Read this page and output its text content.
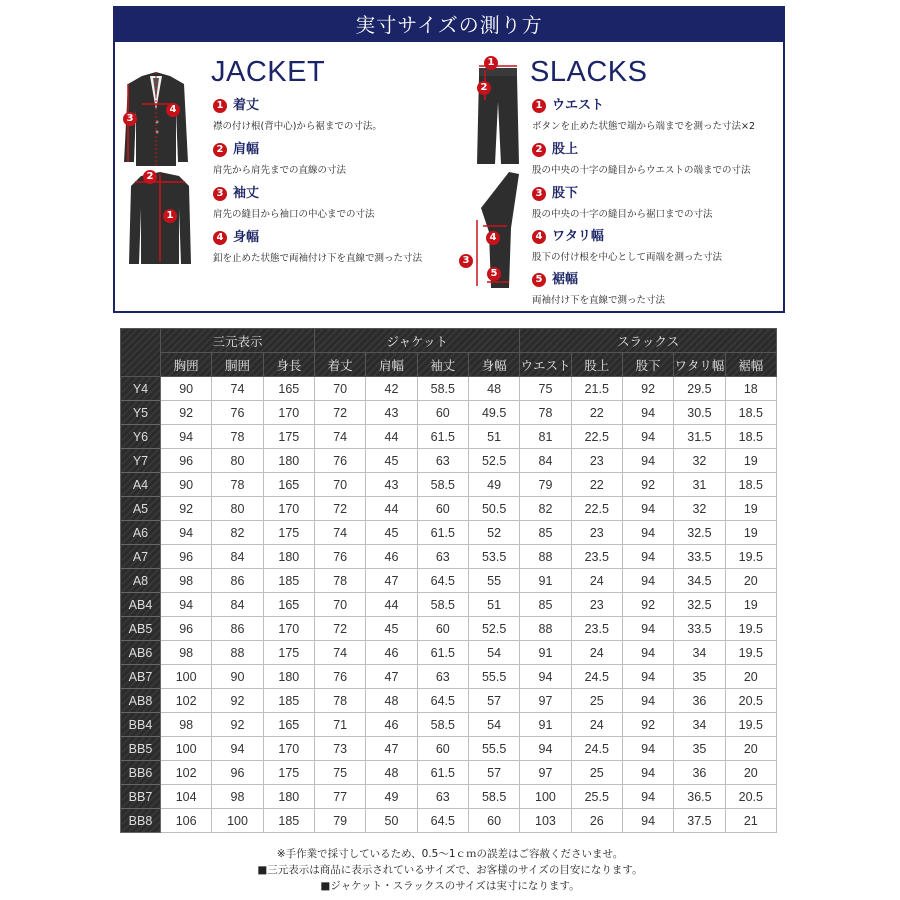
実寸サイズの測り方
4
3
2
1
JACKET
1 着丈
襟の付け根(背中心)から裾までの寸法。
2 肩幅
肩先から肩先までの直線の寸法
3 袖丈
肩先の縫目から袖口の中心までの寸法
4 身幅
釦を止めた状態で両袖付け下を直線で測った寸法
1
2
4
3
5
SLACKS
1 ウエスト
ボタンを止めた状態で端から端までを測った寸法×2
2 股上
股の中央の十字の縫目からウエストの端までの寸法
3 股下
股の中央の十字の縫目から裾口までの寸法
4 ワタリ幅
股下の付け根を中心として両端を測った寸法
5 裾幅
両袖付け下を直線で測った寸法
	三元表示			ジャケット				スラックス				
	胸囲	胴囲	身長	着丈	肩幅	袖丈	身幅	ウエスト	股上	股下	ワタリ幅	裾幅
Y4	90	74	165	70	42	58.5	48	75	21.5	92	29.5	18
Y5	92	76	170	72	43	60	49.5	78	22	94	30.5	18.5
Y6	94	78	175	74	44	61.5	51	81	22.5	94	31.5	18.5
Y7	96	80	180	76	45	63	52.5	84	23	94	32	19
A4	90	78	165	70	43	58.5	49	79	22	92	31	18.5
A5	92	80	170	72	44	60	50.5	82	22.5	94	32	19
A6	94	82	175	74	45	61.5	52	85	23	94	32.5	19
A7	96	84	180	76	46	63	53.5	88	23.5	94	33.5	19.5
A8	98	86	185	78	47	64.5	55	91	24	94	34.5	20
AB4	94	84	165	70	44	58.5	51	85	23	92	32.5	19
AB5	96	86	170	72	45	60	52.5	88	23.5	94	33.5	19.5
AB6	98	88	175	74	46	61.5	54	91	24	94	34	19.5
AB7	100	90	180	76	47	63	55.5	94	24.5	94	35	20
AB8	102	92	185	78	48	64.5	57	97	25	94	36	20.5
BB4	98	92	165	71	46	58.5	54	91	24	92	34	19.5
BB5	100	94	170	73	47	60	55.5	94	24.5	94	35	20
BB6	102	96	175	75	48	61.5	57	97	25	94	36	20
BB7	104	98	180	77	49	63	58.5	100	25.5	94	36.5	20.5
BB8	106	100	185	79	50	64.5	60	103	26	94	37.5	21
※手作業で採寸しているため、0.5～1ｃｍの誤差はご容赦くださいませ。
■三元表示は商品に表示されているサイズで、お客様のサイズの目安になります。
■ジャケット・スラックスのサイズは実寸になります。
